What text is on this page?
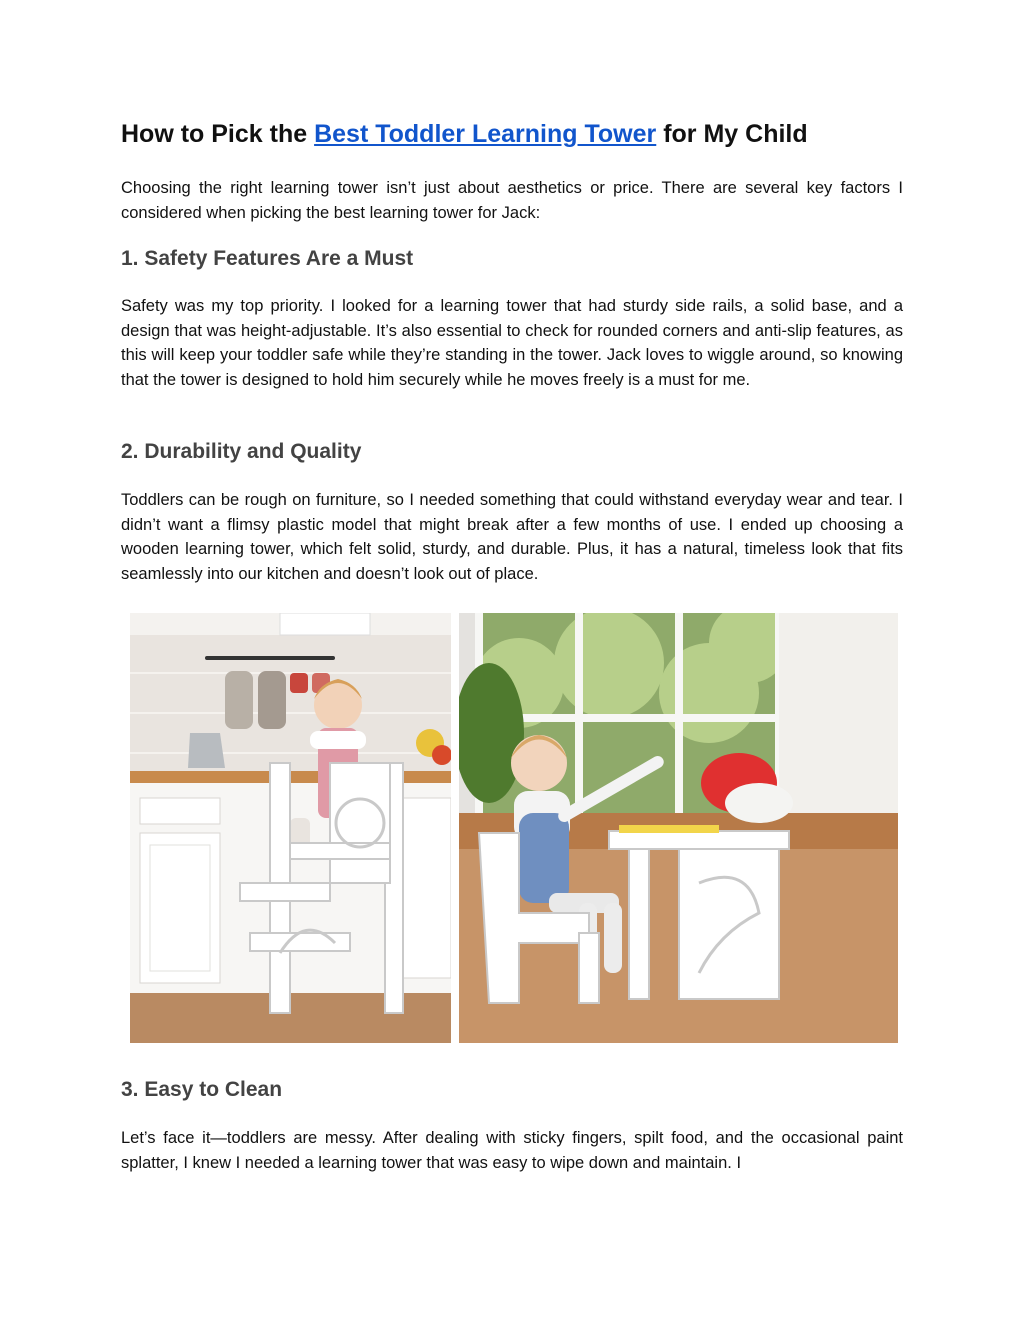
How to Pick the Best Toddler Learning Tower for My Child

Choosing the right learning tower isn’t just about aesthetics or price. There are several key factors I considered when picking the best learning tower for Jack:

1. Safety Features Are a Must

Safety was my top priority. I looked for a learning tower that had sturdy side rails, a solid base, and a design that was height-adjustable. It’s also essential to check for rounded corners and anti-slip features, as this will keep your toddler safe while they’re standing in the tower. Jack loves to wiggle around, so knowing that the tower is designed to hold him securely while he moves freely is a must for me.

2. Durability and Quality

Toddlers can be rough on furniture, so I needed something that could withstand everyday wear and tear. I didn’t want a flimsy plastic model that might break after a few months of use. I ended up choosing a wooden learning tower, which felt solid, sturdy, and durable. Plus, it has a natural, timeless look that fits seamlessly into our kitchen and doesn’t look out of place.

3. Easy to Clean

Let’s face it—toddlers are messy. After dealing with sticky fingers, spilt food, and the occasional paint splatter, I knew I needed a learning tower that was easy to wipe down and maintain. I
